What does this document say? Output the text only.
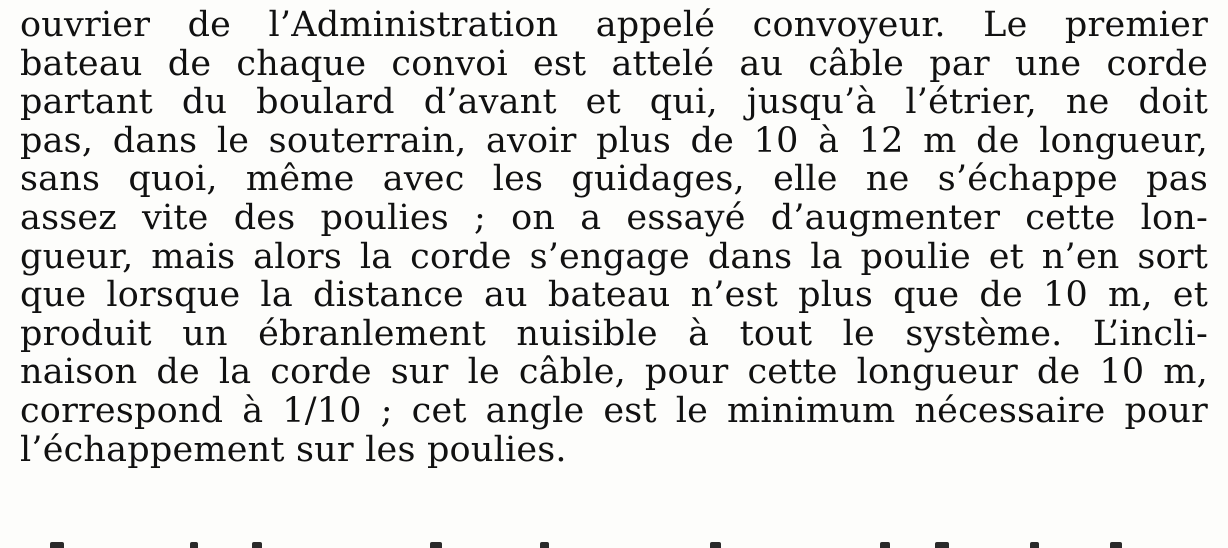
ouvrier de l’Administration appelé convoyeur. Le premier
bateau de chaque convoi est attelé au câble par une corde
partant du boulard d’avant et qui, jusqu’à l’étrier, ne doit
pas, dans le souterrain, avoir plus de 10 à 12 m de longueur,
sans quoi, même avec les guidages, elle ne s’échappe pas
assez vite des poulies ; on a essayé d’augmenter cette lon-
gueur, mais alors la corde s’engage dans la poulie et n’en sort
que lorsque la distance au bateau n’est plus que de 10 m, et
produit un ébranlement nuisible à tout le système. L’incli-
naison de la corde sur le câble, pour cette longueur de 10 m,
correspond à 1/10 ; cet angle est le minimum nécessaire pour
l’échappement sur les poulies.
